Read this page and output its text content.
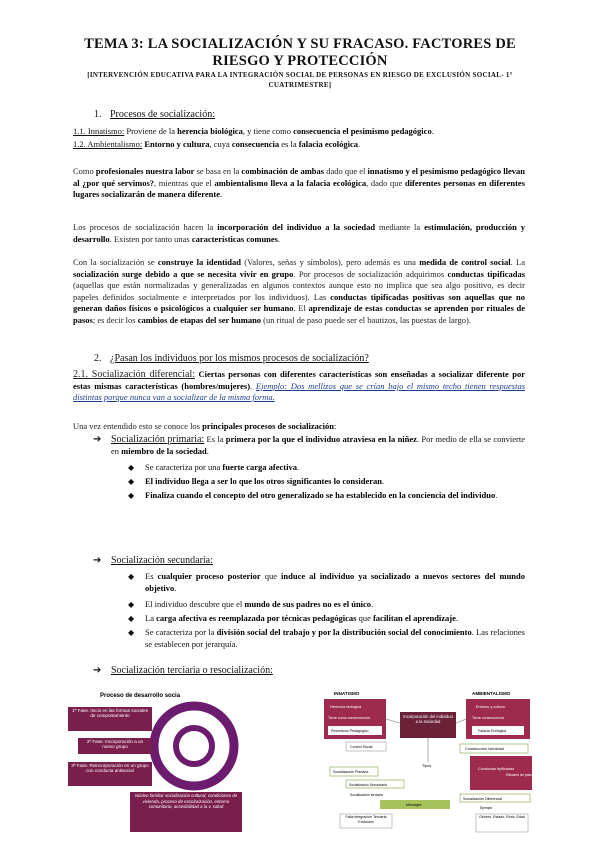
TEMA 3: LA SOCIALIZACIÓN Y SU FRACASO. FACTORES DE
RIESGO Y PROTECCIÓN
[INTERVENCIÓN EDUCATIVA PARA LA INTEGRACIÓN SOCIAL DE PERSONAS EN RIESGO DE EXCLUSIÓN SOCIAL- 1°
CUATRIMESTRE]
1. Procesos de socialización:
1.1. Innatismo: Proviene de la herencia biológica, y tiene como consecuencia el pesimismo pedagógico.
1.2. Ambientalismo: Entorno y cultura, cuya consecuencia es la falacia ecológica.
Como profesionales nuestra labor se basa en la combinación de ambas dado que el innatismo y el pesimismo pedagógico llevan al ¿por qué servimos?, mientras que el ambientalismo lleva a la falacia ecológica, dado que diferentes personas en diferentes lugares socializarán de manera diferente.
Los procesos de socialización hacen la incorporación del individuo a la sociedad mediante la estimulación, producción y desarrollo. Existen por tanto unas características comunes.
Con la socialización se construye la identidad (Valores, señas y símbolos), pero además es una medida de control social. La socialización surge debido a que se necesita vivir en grupo. Por procesos de socialización adquirimos conductas tipificadas (aquellas que están normalizadas y generalizadas en algunos contextos aunque esto no implica que sea algo positivo, es decir papeles definidos socialmente e interpretados por los individuos). Las conductas tipificadas positivas son aquellas que no generan daños físicos o psicológicos a cualquier ser humano. El aprendizaje de estas conductas se aprenden por rituales de pasos; es decir los cambios de etapas del ser humano (un ritual de paso puede ser el bautizos, las puestas de largo).
2. ¿Pasan los individuos por los mismos procesos de socialización?
2.1. Socialización diferencial: Ciertas personas con diferentes características son enseñadas a socializar diferente por estas mismas características (hombres/mujeres). Ejemplo: Dos mellizos que se crían bajo el mismo techo tienen respuestas distintas porque nunca van a socializar de la misma forma.
Una vez entendido esto se conoce los principales procesos de socialización:
➔ Socialización primaria: Es la primera por la que el individuo atraviesa en la niñez. Por medio de ella se convierte en miembro de la sociedad.
◆	Se caracteriza por una fuerte carga afectiva.
◆	El individuo llega a ser lo que los otros significantes lo consideran.
◆	Finaliza cuando el concepto del otro generalizado se ha establecido en la conciencia del individuo.
➔ Socialización secundaria:
◆	Es cualquier proceso posterior que induce al individuo ya socializado a nuevos sectores del mundo objetivo.
◆	El individuo descubre que el mundo de sus padres no es el único.
◆	La carga afectiva es reemplazada por técnicas pedagógicas que facilitan el aprendizaje.
◆	Se caracteriza por la división social del trabajo y por la distribución social del conocimiento. Las relaciones se establecen por jerarquía.
➔ Socialización terciaria o resocialización:
Proceso de desarrollo socia
1ª Fase. Inicio en las formas sociales de comportamiento
2ª Fase. Incorporación a un nuevo grupo
3ª Fase. Reincorporación en un grupo con conducta antisocial
Núcleo familiar socialización cultural, condiciones de vivienda, proceso de escolarización, entorno comunitario, accesibilidad a la v. salud
INNATISMO	AMBIENTALISMO
Herencia biológica
Tiene como consecuencia
Pesimismo Pedagógico
Entorno y cultura
Tiene consecuencia
Falacia Ecológica
Incorporación del individuo a la sociedad
Control Social	Construcción Identidad
Tipos
Socialización Primaria
Socialización Secundaria
Conductas tipificadas
Rituales de paso
Socialización Diferencial
Ejemplo
Género, Estado, Etnia, Edad
Socialización terciaria
Mensajes
Falta integración Terciaria Exclusión
